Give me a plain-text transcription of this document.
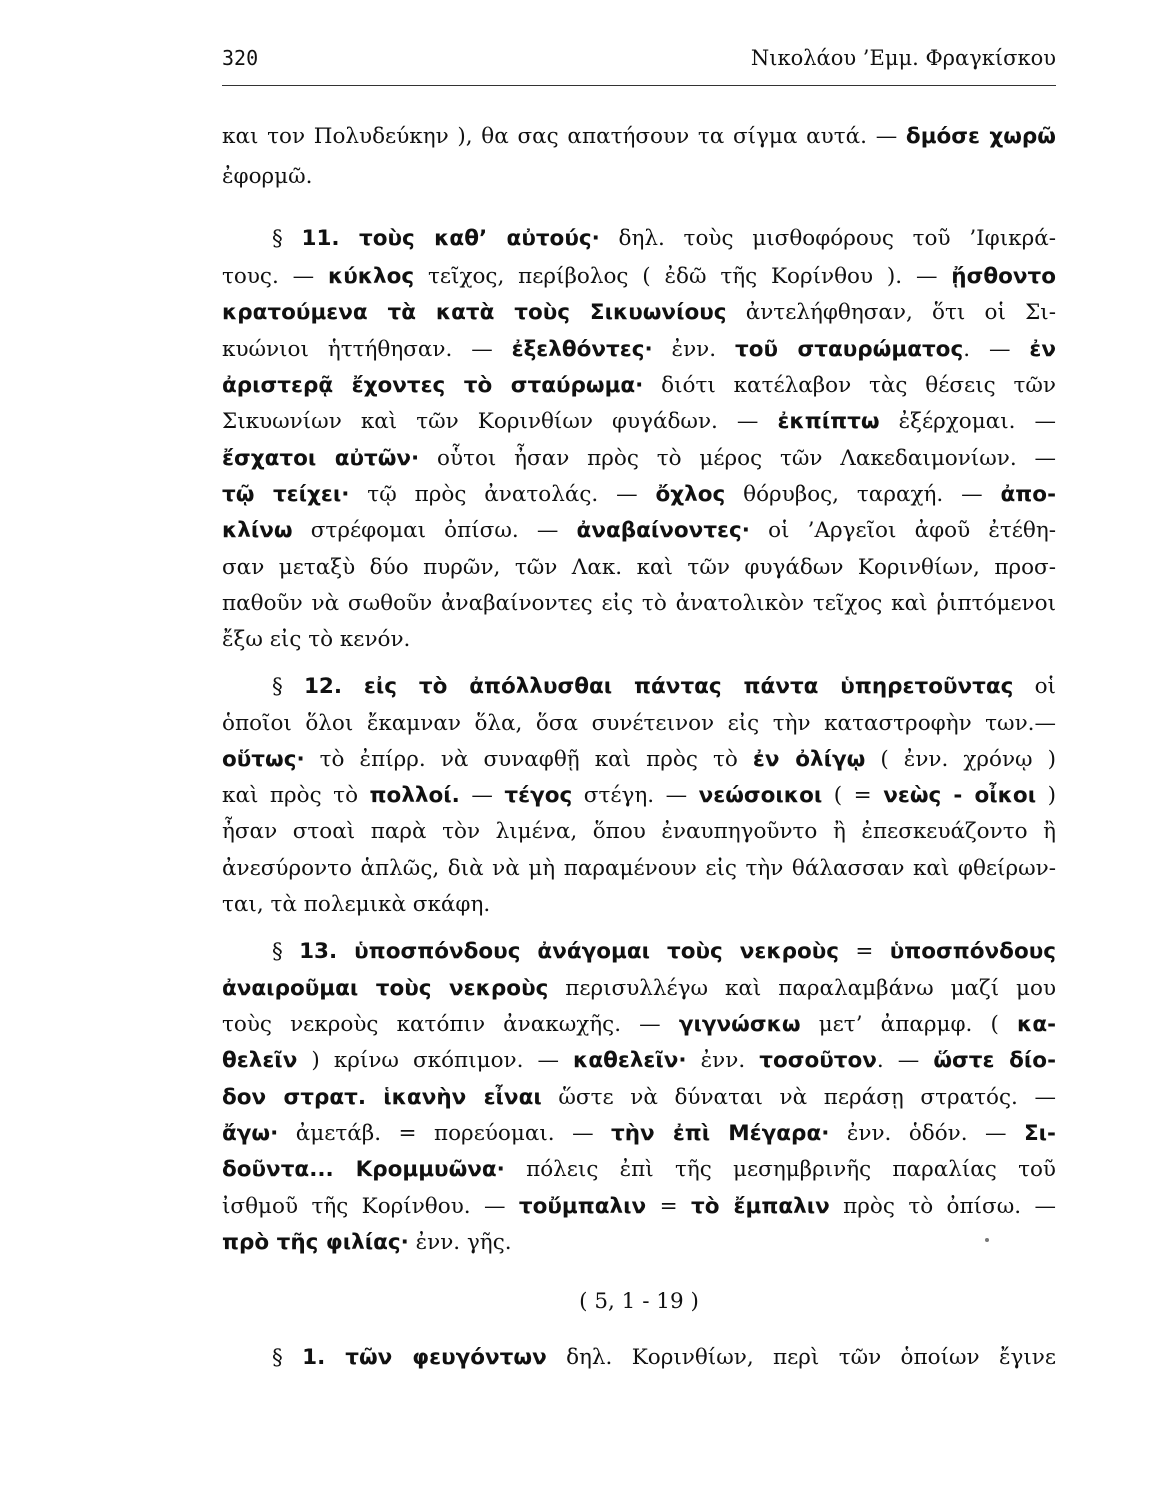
320	Νικολάου ’Εμμ. Φραγκίσκου
και τον Πολυδεύκην ), θα σας απατήσουν τα σίγμα αυτά. — δμόσε χωρῶ
ἐφορμῶ.
§ 11. τοὺς καθ’ αὐτούς· δηλ. τοὺς μισθοφόρους τοῦ ’Ιφικρά-
τους. — κύκλος τεῖχος, περίβολος ( ἐδῶ τῆς Κορίνθου ). — ᾔσθοντο
κρατούμενα τὰ κατὰ τοὺς Σικυωνίους ἀντελήφθησαν, ὅτι οἱ Σι-
κυώνιοι ἡττήθησαν. — ἐξελθόντες· ἐνν. τοῦ σταυρώματος. — ἐν
ἀριστερᾷ ἔχοντες τὸ σταύρωμα· διότι κατέλαβον τὰς θέσεις τῶν
Σικυωνίων καὶ τῶν Κορινθίων φυγάδων. — ἐκπίπτω ἐξέρχομαι. —
ἔσχατοι αὐτῶν· οὗτοι ἦσαν πρὸς τὸ μέρος τῶν Λακεδαιμονίων. —
τῷ τείχει· τῷ πρὸς ἀνατολάς. — ὄχλος θόρυβος, ταραχή. — ἀπο-
κλίνω στρέφομαι ὀπίσω. — ἀναβαίνοντες· οἱ ’Αργεῖοι ἀφοῦ ἐτέθη-
σαν μεταξὺ δύο πυρῶν, τῶν Λακ. καὶ τῶν φυγάδων Κορινθίων, προσ-
παθοῦν νὰ σωθοῦν ἀναβαίνοντες εἰς τὸ ἀνατολικὸν τεῖχος καὶ ῥιπτόμενοι
ἔξω εἰς τὸ κενόν.
§ 12. εἰς τὸ ἀπόλλυσθαι πάντας πάντα ὑπηρετοῦντας οἱ
ὁποῖοι ὅλοι ἔκαμναν ὅλα, ὅσα συνέτεινον εἰς τὴν καταστροφὴν των.—
οὕτως· τὸ ἐπίρρ. νὰ συναφθῇ καὶ πρὸς τὸ ἐν ὀλίγῳ ( ἐνν. χρόνῳ )
καὶ πρὸς τὸ πολλοί. — τέγος στέγη. — νεώσοικοι ( = νεὼς - οἶκοι )
ἦσαν στοαὶ παρὰ τὸν λιμένα, ὅπου ἐναυπηγοῦντο ἢ ἐπεσκευάζοντο ἢ
ἀνεσύροντο ἁπλῶς, διὰ νὰ μὴ παραμένουν εἰς τὴν θάλασσαν καὶ φθείρων-
ται, τὰ πολεμικὰ σκάφη.
§ 13. ὑποσπόνδους ἀνάγομαι τοὺς νεκροὺς = ὑποσπόνδους
ἀναιροῦμαι τοὺς νεκροὺς περισυλλέγω καὶ παραλαμβάνω μαζί μου
τοὺς νεκροὺς κατόπιν ἀνακωχῆς. — γιγνώσκω μετ’ ἀπαρμφ. ( κα-
θελεῖν ) κρίνω σκόπιμον. — καθελεῖν· ἐνν. τοσοῦτον. — ὥστε δίο-
δον στρατ. ἱκανὴν εἶναι ὥστε νὰ δύναται νὰ περάσῃ στρατός. —
ἄγω· ἀμετάβ. = πορεύομαι. — τὴν ἐπὶ Μέγαρα· ἐνν. ὁδόν. — Σι-
δοῦντα... Κρομμυῶνα· πόλεις ἐπὶ τῆς μεσημβρινῆς παραλίας τοῦ
ἰσθμοῦ τῆς Κορίνθου. — τοὔμπαλιν = τὸ ἔμπαλιν πρὸς τὸ ὀπίσω. —
πρὸ τῆς φιλίας· ἐνν. γῆς.
( 5, 1 - 19 )
§ 1. τῶν φευγόντων δηλ. Κορινθίων, περὶ τῶν ὁποίων ἔγινε
